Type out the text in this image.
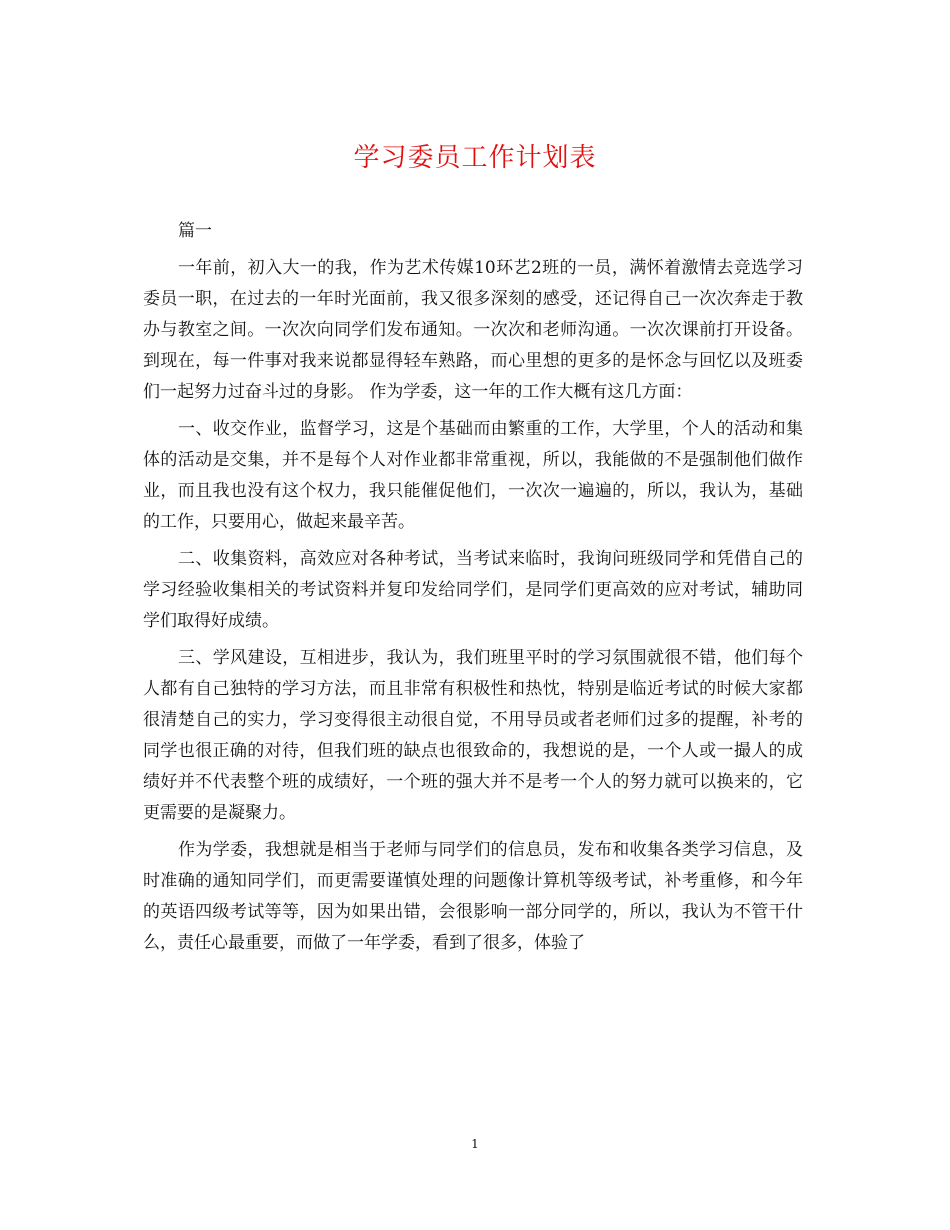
学习委员工作计划表

篇一

一年前，初入大一的我，作为艺术传媒10环艺2班的一员，满怀着激情去竞选学习委员一职，在过去的一年时光面前，我又很多深刻的感受，还记得自己一次次奔走于教办与教室之间。一次次向同学们发布通知。一次次和老师沟通。一次次课前打开设备。到现在，每一件事对我来说都显得轻车熟路，而心里想的更多的是怀念与回忆以及班委们一起努力过奋斗过的身影。 作为学委，这一年的工作大概有这几方面：

一、收交作业，监督学习，这是个基础而由繁重的工作，大学里，个人的活动和集体的活动是交集，并不是每个人对作业都非常重视，所以，我能做的不是强制他们做作业，而且我也没有这个权力，我只能催促他们，一次次一遍遍的，所以，我认为，基础的工作，只要用心，做起来最辛苦。

二、收集资料，高效应对各种考试，当考试来临时，我询问班级同学和凭借自己的学习经验收集相关的考试资料并复印发给同学们，是同学们更高效的应对考试，辅助同学们取得好成绩。

三、学风建设，互相进步，我认为，我们班里平时的学习氛围就很不错，他们每个人都有自己独特的学习方法，而且非常有积极性和热忱，特别是临近考试的时候大家都很清楚自己的实力，学习变得很主动很自觉，不用导员或者老师们过多的提醒，补考的同学也很正确的对待，但我们班的缺点也很致命的，我想说的是，一个人或一撮人的成绩好并不代表整个班的成绩好，一个班的强大并不是考一个人的努力就可以换来的，它更需要的是凝聚力。

作为学委，我想就是相当于老师与同学们的信息员，发布和收集各类学习信息，及时准确的通知同学们，而更需要谨慎处理的问题像计算机等级考试，补考重修，和今年的英语四级考试等等，因为如果出错，会很影响一部分同学的，所以，我认为不管干什么，责任心最重要，而做了一年学委，看到了很多，体验了

1
